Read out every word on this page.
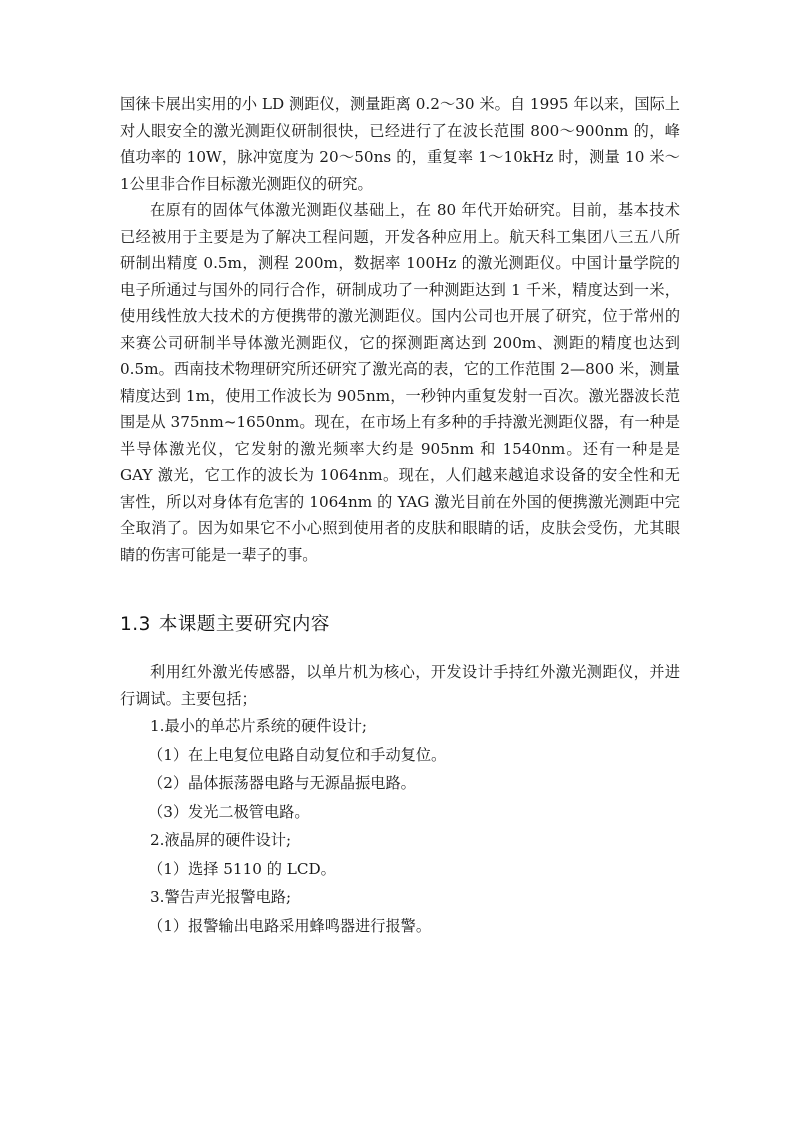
国徕卡展出实用的小 LD 测距仪，测量距离 0.2～30 米。自 1995 年以来，国际上对人眼安全的激光测距仪研制很快，已经进行了在波长范围 800～900nm 的，峰值功率的 10W，脉冲宽度为 20～50ns 的，重复率 1～10kHz 时，测量 10 米～1公里非合作目标激光测距仪的研究。

在原有的固体气体激光测距仪基础上，在 80 年代开始研究。目前，基本技术已经被用于主要是为了解决工程问题，开发各种应用上。航天科工集团八三五八所研制出精度 0.5m，测程 200m，数据率 100Hz 的激光测距仪。中国计量学院的电子所通过与国外的同行合作，研制成功了一种测距达到 1 千米，精度达到一米，使用线性放大技术的方便携带的激光测距仪。国内公司也开展了研究，位于常州的来赛公司研制半导体激光测距仪，它的探测距离达到 200m、测距的精度也达到 0.5m。西南技术物理研究所还研究了激光高的表，它的工作范围 2—800 米，测量精度达到 1m，使用工作波长为 905nm，一秒钟内重复发射一百次。激光器波长范围是从 375nm~1650nm。现在，在市场上有多种的手持激光测距仪器，有一种是半导体激光仪，它发射的激光频率大约是 905nm 和 1540nm。还有一种是是 GAY 激光，它工作的波长为 1064nm。现在，人们越来越追求设备的安全性和无害性，所以对身体有危害的 1064nm 的 YAG 激光目前在外国的便携激光测距中完全取消了。因为如果它不小心照到使用者的皮肤和眼睛的话，皮肤会受伤，尤其眼睛的伤害可能是一辈子的事。

1.3 本课题主要研究内容

利用红外激光传感器，以单片机为核心，开发设计手持红外激光测距仪，并进行调试。主要包括；

1.最小的单芯片系统的硬件设计;
（1）在上电复位电路自动复位和手动复位。
（2）晶体振荡器电路与无源晶振电路。
（3）发光二极管电路。
2.液晶屏的硬件设计;
（1）选择 5110 的 LCD。
3.警告声光报警电路;
（1）报警输出电路采用蜂鸣器进行报警。
